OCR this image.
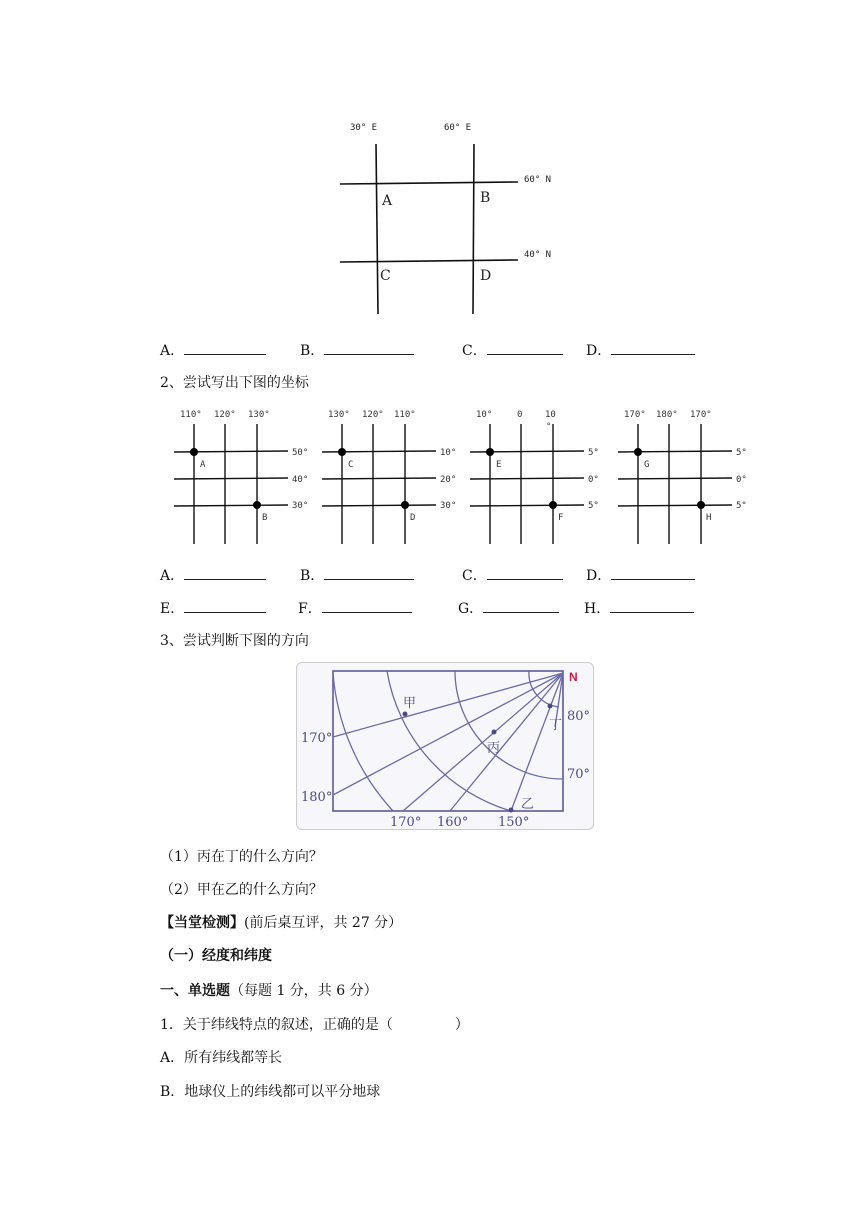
30° E	60° E
60° N
40° N
A	B
C	D
A．	B．	C．	D．
2、尝试写出下图的坐标
110° 120° 130°
50°
40°
30°
A
B
130° 120° 110°
10°
20°
30°
C
D
10°	0	10
°
5°
0°
5°
E
F
170° 180° 170°
5°
0°
5°
G
H
A．	B．	C．	D．
E．	F．	G．	H．
3、尝试判断下图的方向
N
170°
180°
170° 160° 150°
80°
70°
甲
乙
丙
丁
（1）丙在丁的什么方向？
（2）甲在乙的什么方向？
【当堂检测】(前后桌互评，共 27 分）
（一）经度和纬度
一、单选题（每题 1 分，共 6 分）
1．关于纬线特点的叙述，正确的是（	）
A．所有纬线都等长
B．地球仪上的纬线都可以平分地球
